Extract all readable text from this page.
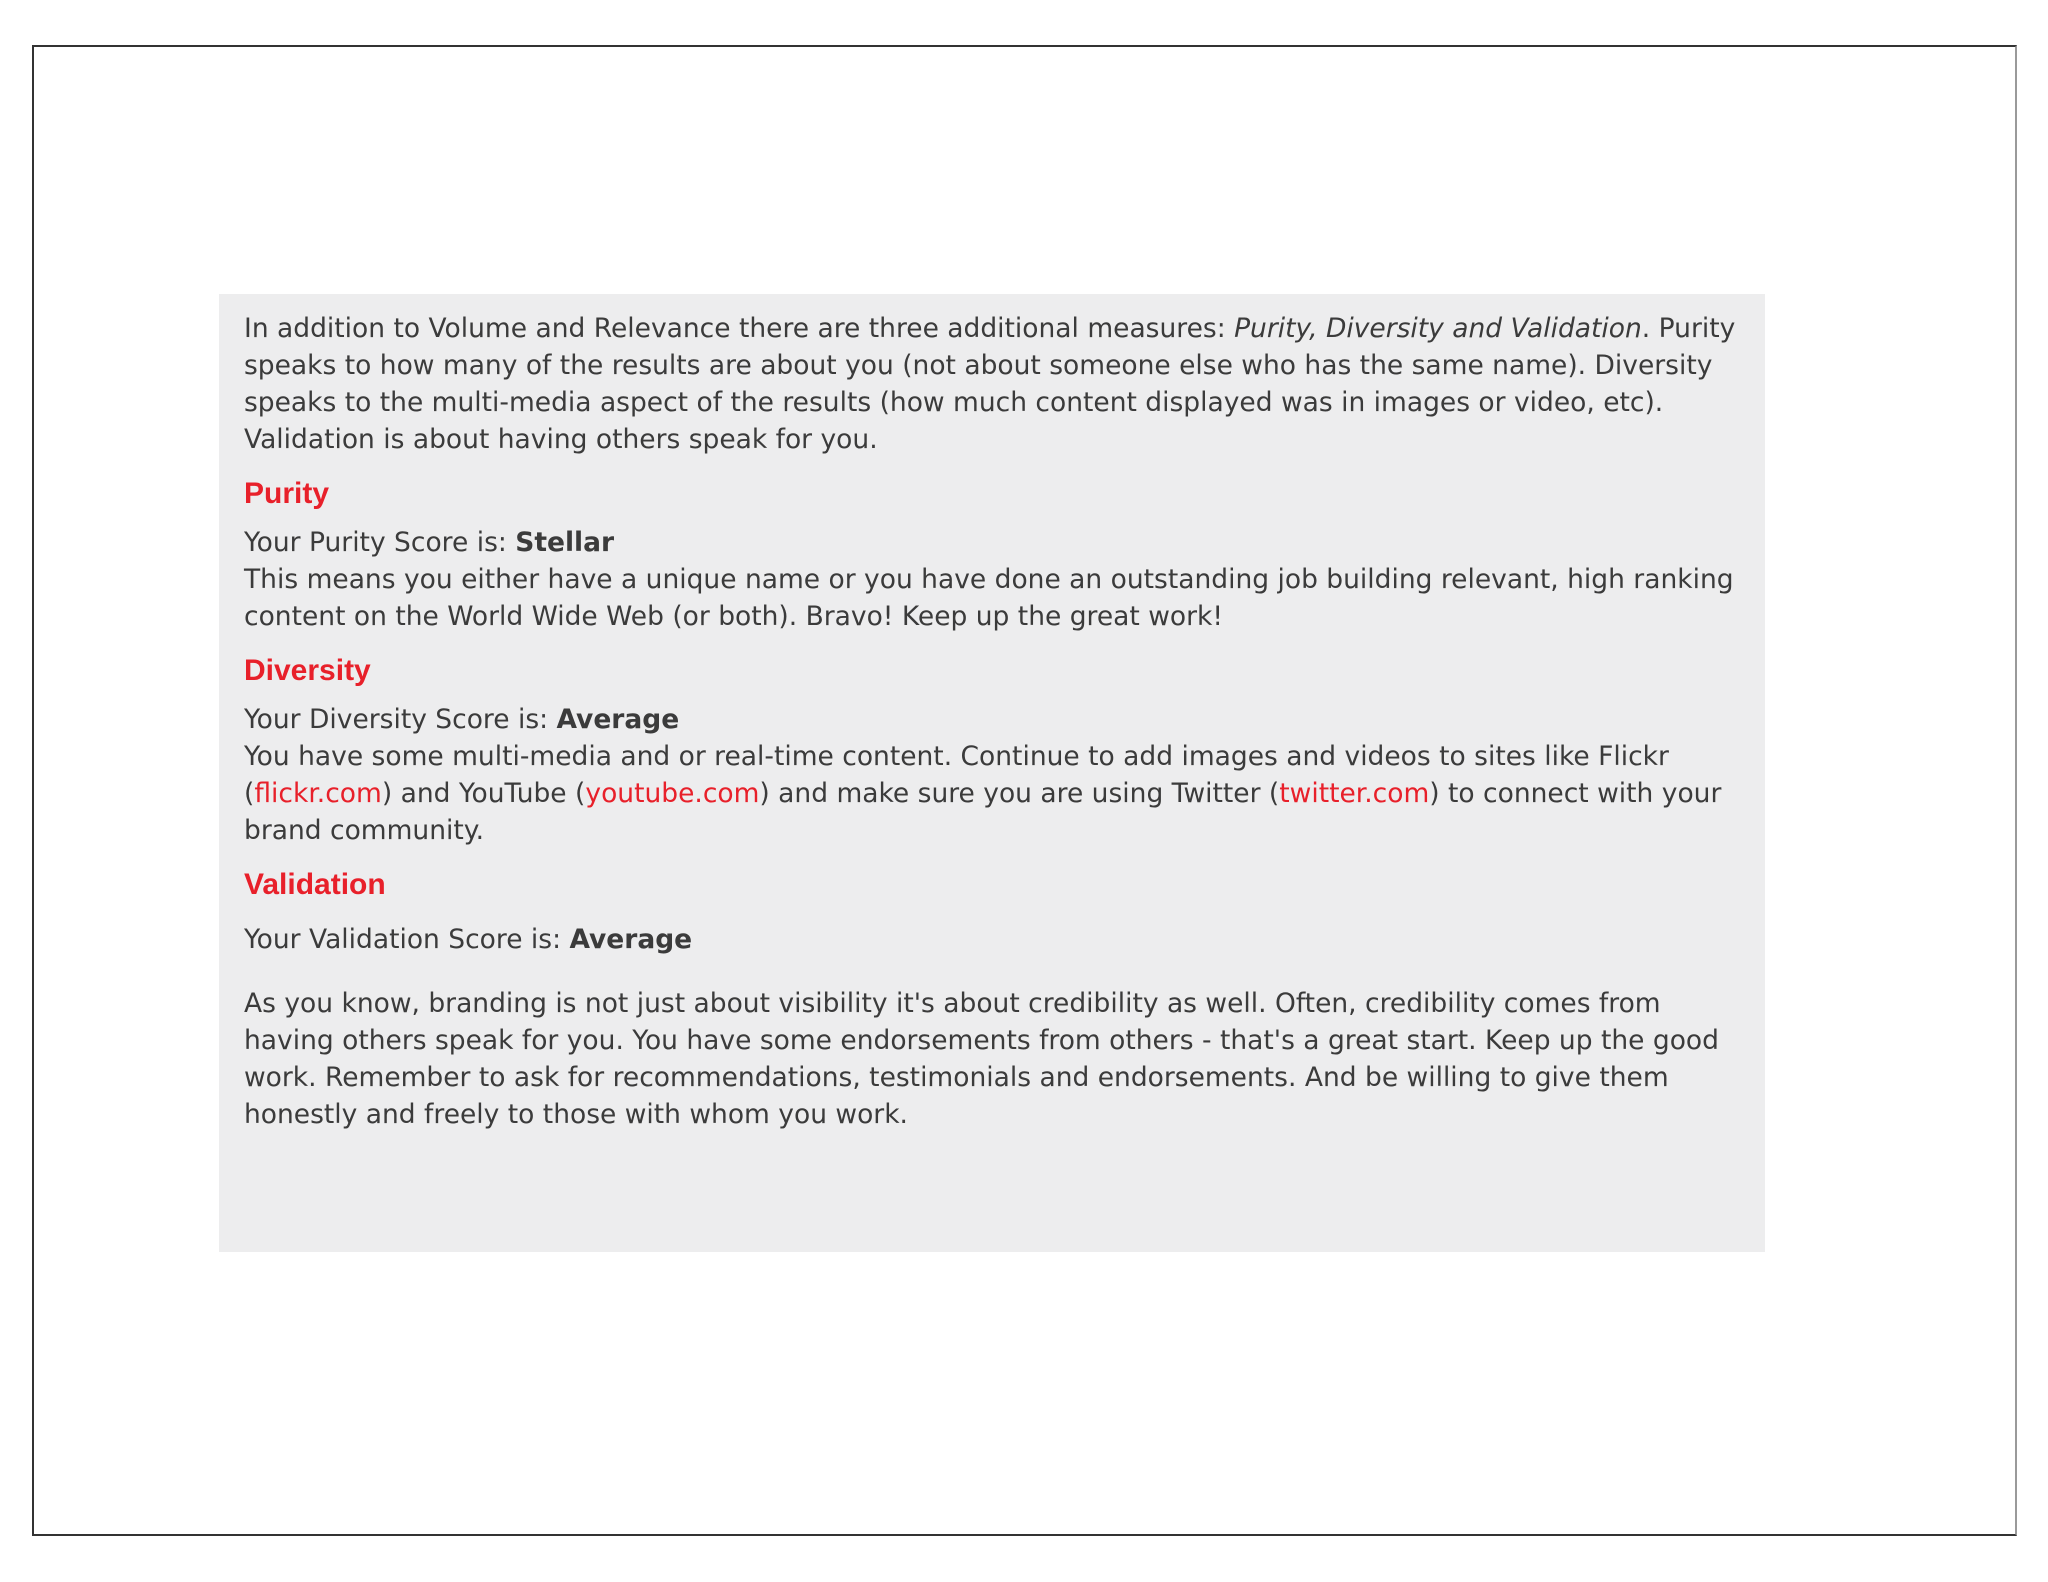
In addition to Volume and Relevance there are three additional measures: Purity, Diversity and Validation. Purity speaks to how many of the results are about you (not about someone else who has the same name). Diversity speaks to the multi-media aspect of the results (how much content displayed was in images or video, etc). Validation is about having others speak for you.

Purity

Your Purity Score is: Stellar

This means you either have a unique name or you have done an outstanding job building relevant, high ranking content on the World Wide Web (or both). Bravo! Keep up the great work!

Diversity

Your Diversity Score is: Average

You have some multi-media and or real-time content. Continue to add images and videos to sites like Flickr (flickr.com) and YouTube (youtube.com) and make sure you are using Twitter (twitter.com) to connect with your brand community.

Validation

Your Validation Score is: Average

As you know, branding is not just about visibility it's about credibility as well. Often, credibility comes from having others speak for you. You have some endorsements from others - that's a great start. Keep up the good work. Remember to ask for recommendations, testimonials and endorsements. And be willing to give them honestly and freely to those with whom you work.
